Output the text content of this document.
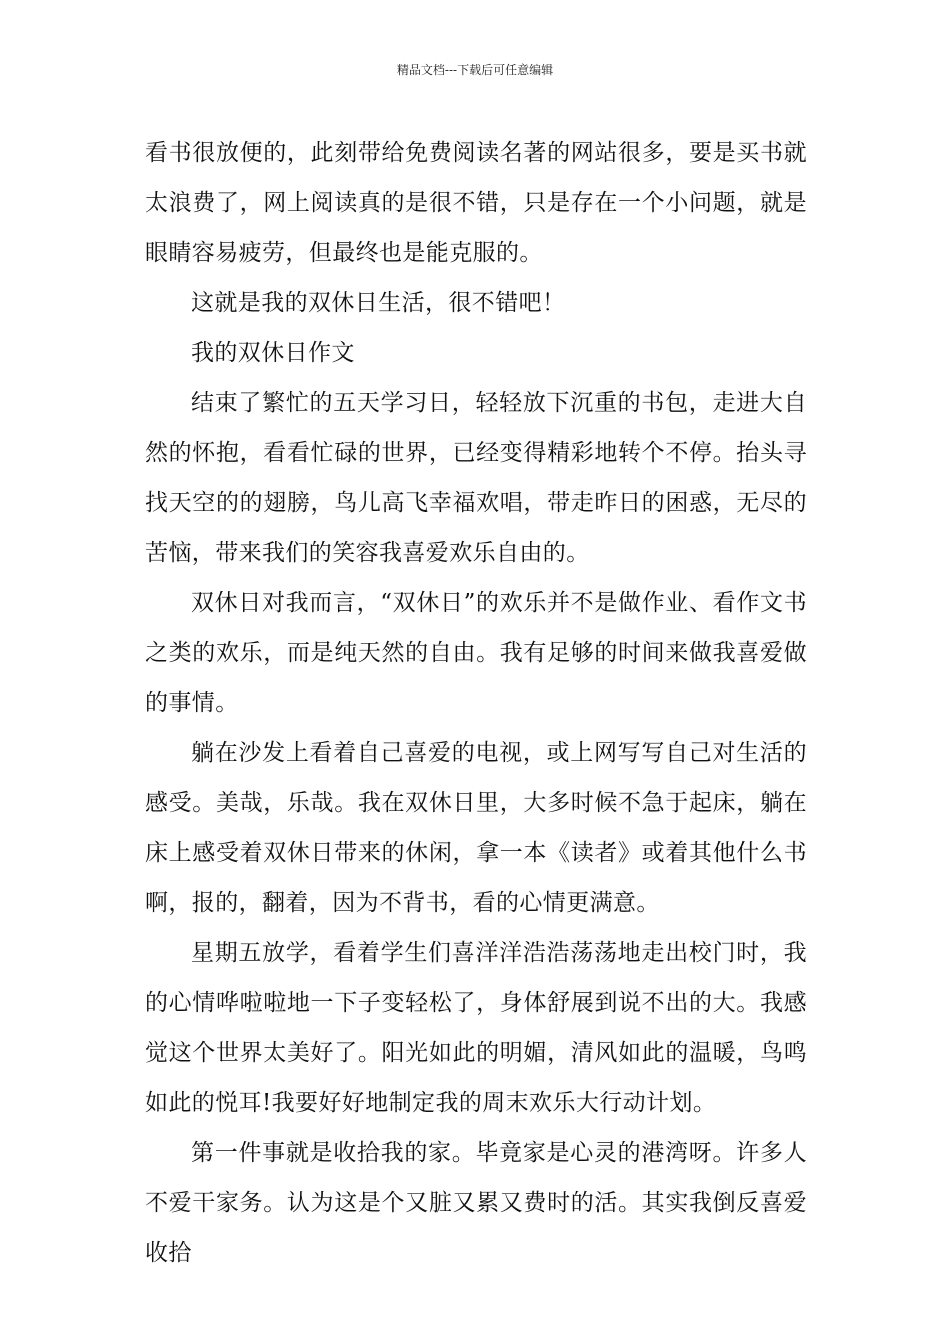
精品文档---下载后可任意编辑

看书很放便的，此刻带给免费阅读名著的网站很多，要是买书就太浪费了，网上阅读真的是很不错，只是存在一个小问题，就是眼睛容易疲劳，但最终也是能克服的。

这就是我的双休日生活，很不错吧！

我的双休日作文

结束了繁忙的五天学习日，轻轻放下沉重的书包，走进大自然的怀抱，看看忙碌的世界，已经变得精彩地转个不停。抬头寻找天空的的翅膀，鸟儿高飞幸福欢唱，带走昨日的困惑，无尽的苦恼，带来我们的笑容我喜爱欢乐自由的。

双休日对我而言，“双休日”的欢乐并不是做作业、看作文书之类的欢乐，而是纯天然的自由。我有足够的时间来做我喜爱做的事情。

躺在沙发上看着自己喜爱的电视，或上网写写自己对生活的感受。美哉，乐哉。我在双休日里，大多时候不急于起床，躺在床上感受着双休日带来的休闲，拿一本《读者》或着其他什么书啊，报的，翻着，因为不背书，看的心情更满意。

星期五放学，看着学生们喜洋洋浩浩荡荡地走出校门时，我的心情哗啦啦地一下子变轻松了，身体舒展到说不出的大。我感觉这个世界太美好了。阳光如此的明媚，清风如此的温暖，鸟鸣如此的悦耳!我要好好地制定我的周末欢乐大行动计划。

第一件事就是收拾我的家。毕竟家是心灵的港湾呀。许多人不爱干家务。认为这是个又脏又累又费时的活。其实我倒反喜爱收拾
